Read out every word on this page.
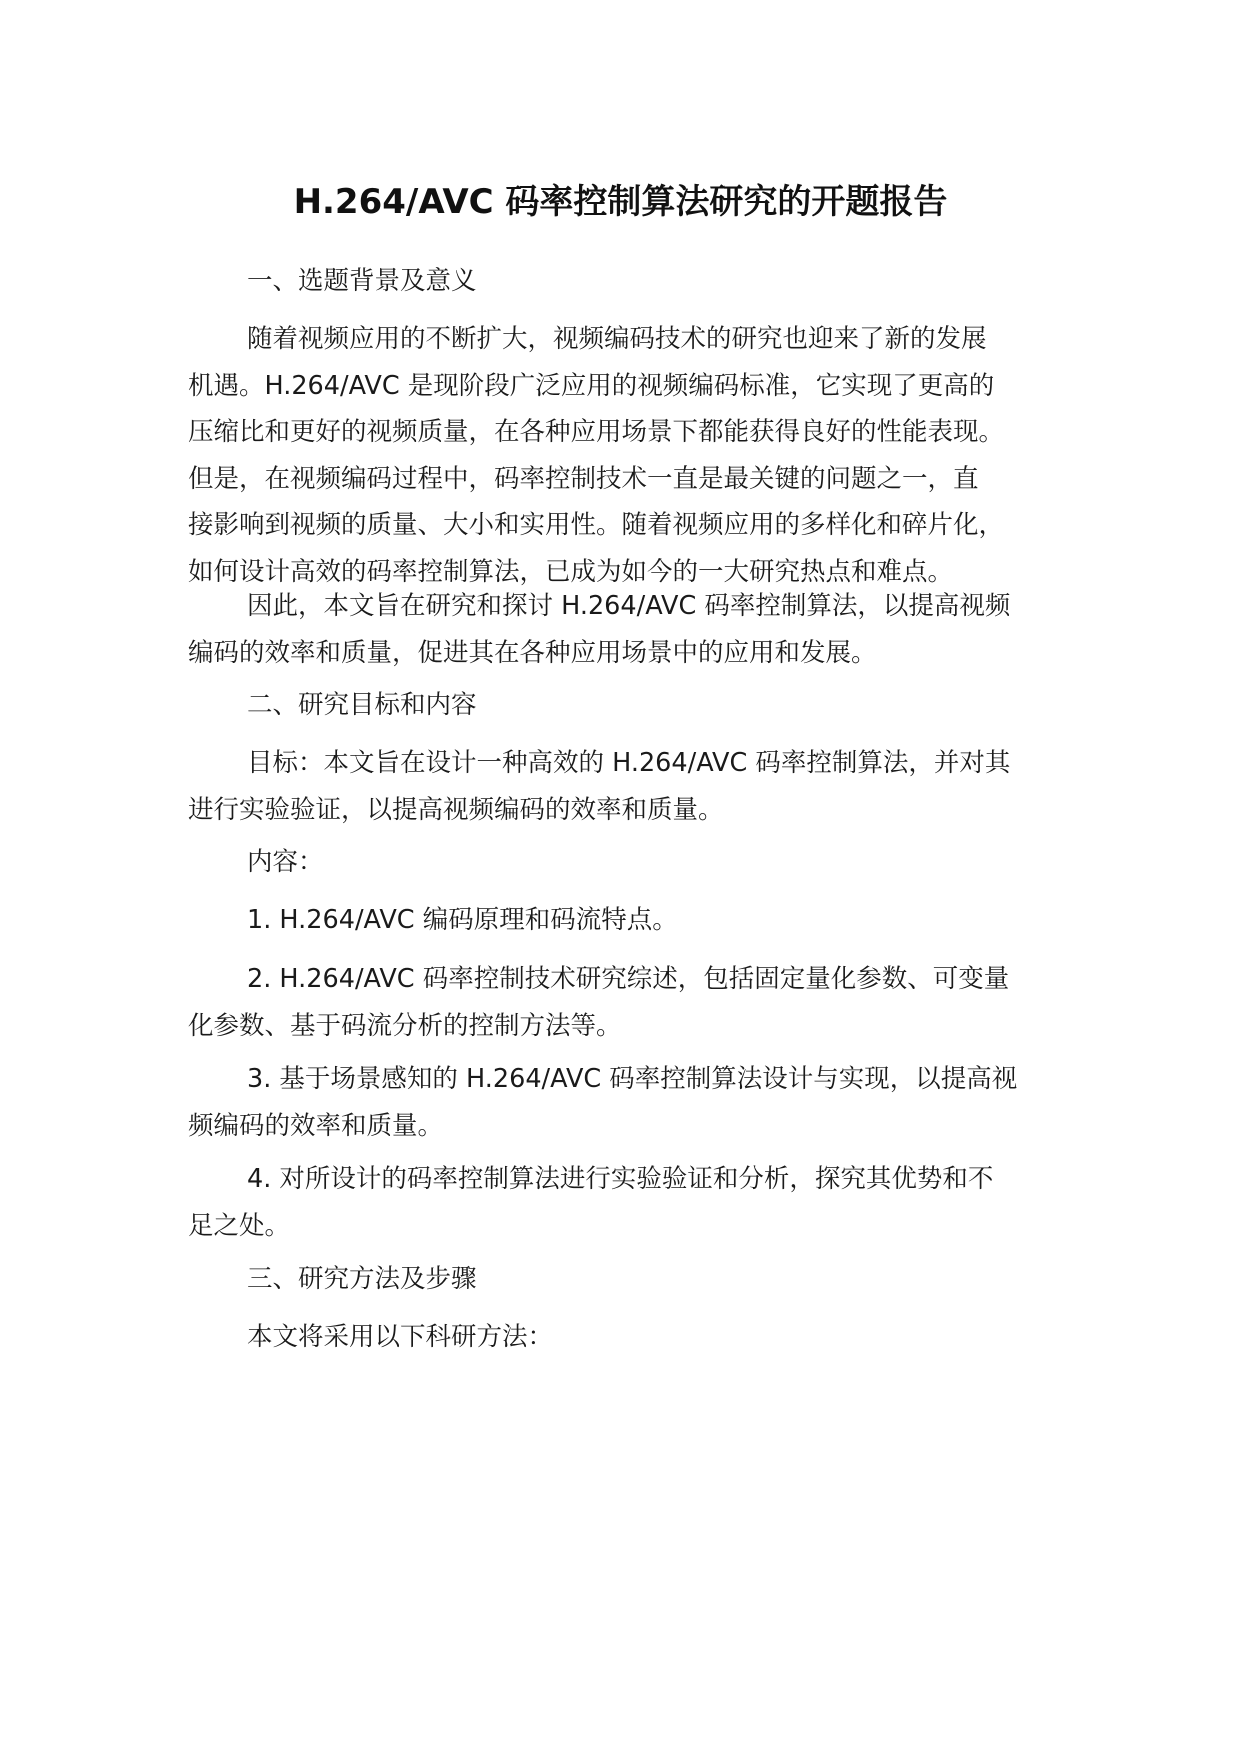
H.264/AVC 码率控制算法研究的开题报告
一、选题背景及意义
随着视频应用的不断扩大，视频编码技术的研究也迎来了新的发展
机遇。H.264/AVC 是现阶段广泛应用的视频编码标准，它实现了更高的
压缩比和更好的视频质量，在各种应用场景下都能获得良好的性能表现。
但是，在视频编码过程中，码率控制技术一直是最关键的问题之一，直
接影响到视频的质量、大小和实用性。随着视频应用的多样化和碎片化，
如何设计高效的码率控制算法，已成为如今的一大研究热点和难点。
因此，本文旨在研究和探讨 H.264/AVC 码率控制算法，以提高视频
编码的效率和质量，促进其在各种应用场景中的应用和发展。
二、研究目标和内容
目标：本文旨在设计一种高效的 H.264/AVC 码率控制算法，并对其
进行实验验证，以提高视频编码的效率和质量。
内容：
1. H.264/AVC 编码原理和码流特点。
2. H.264/AVC 码率控制技术研究综述，包括固定量化参数、可变量
化参数、基于码流分析的控制方法等。
3. 基于场景感知的 H.264/AVC 码率控制算法设计与实现，以提高视
频编码的效率和质量。
4. 对所设计的码率控制算法进行实验验证和分析，探究其优势和不
足之处。
三、研究方法及步骤
本文将采用以下科研方法：
